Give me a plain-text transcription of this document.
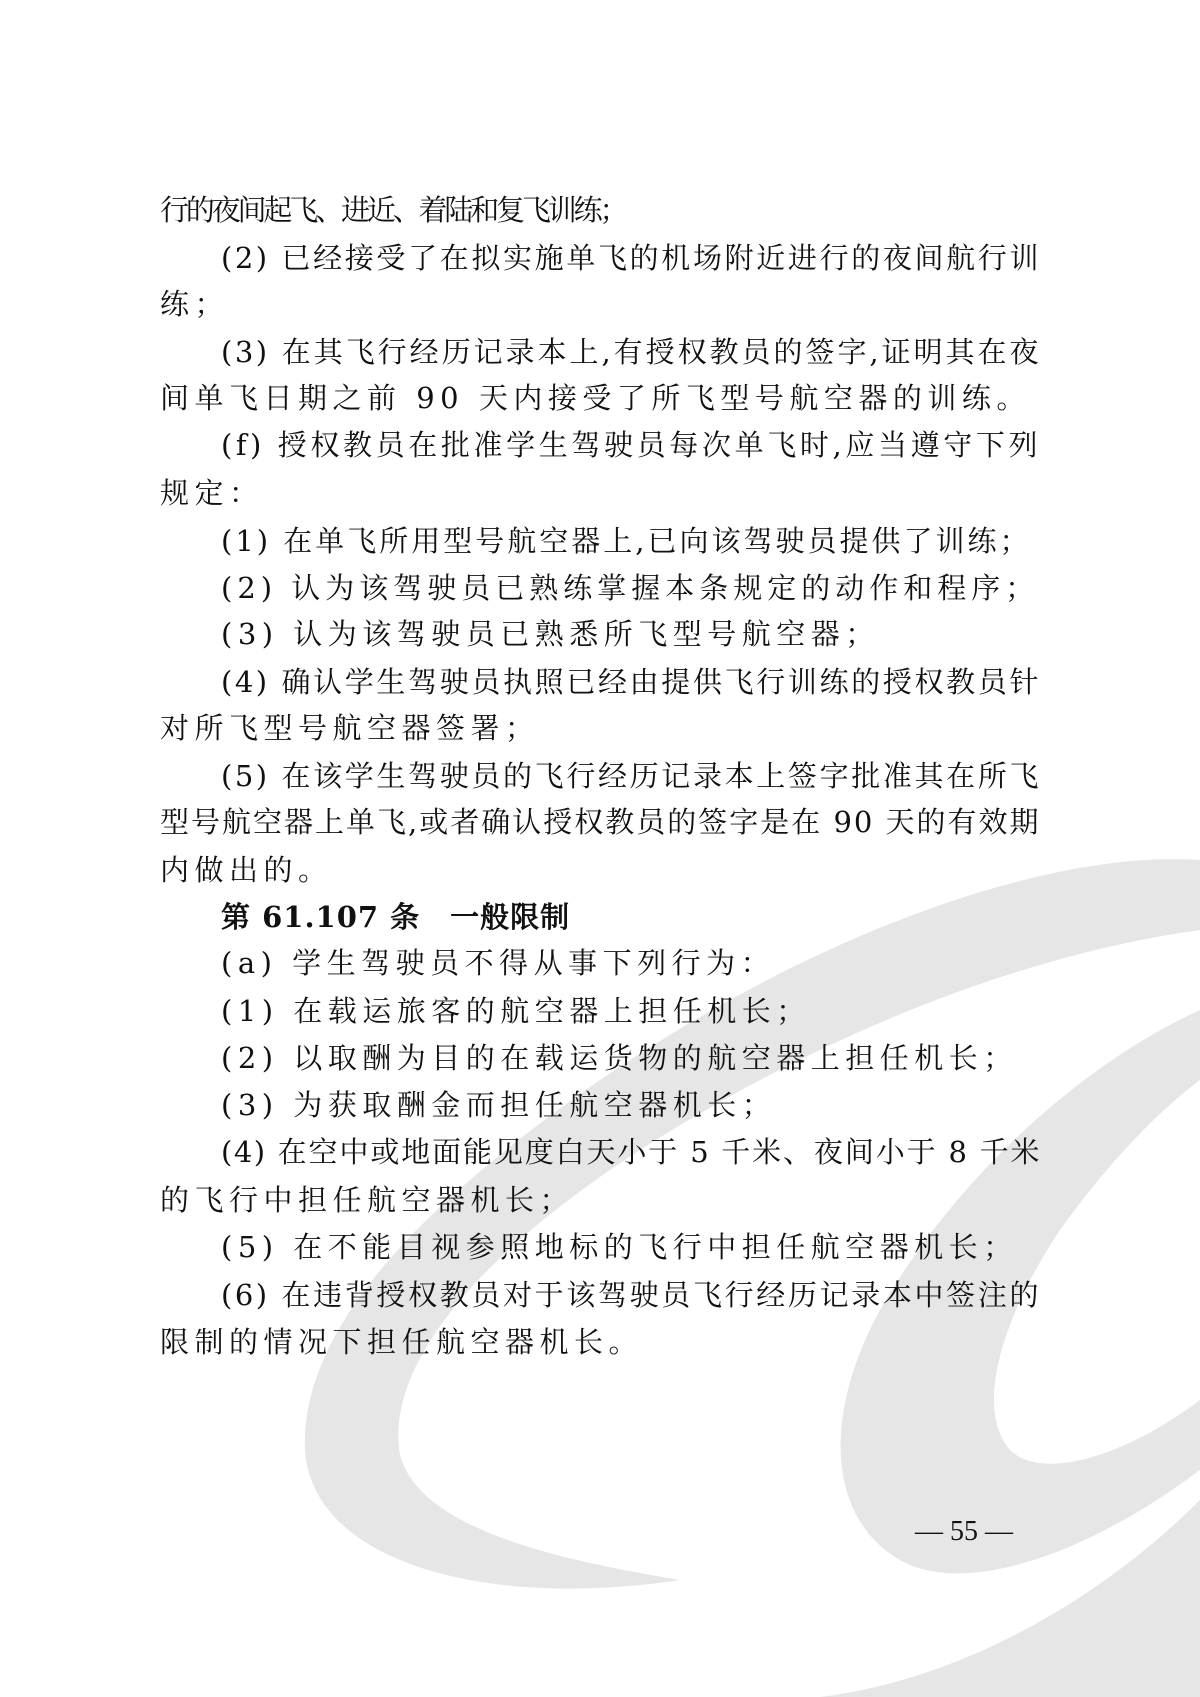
行的夜间起飞、进近、着陆和复飞训练；
(2) 已经接受了在拟实施单飞的机场附近进行的夜间航行训
练；
(3) 在其飞行经历记录本上,有授权教员的签字,证明其在夜
间单飞日期之前 90 天内接受了所飞型号航空器的训练。
(f) 授权教员在批准学生驾驶员每次单飞时,应当遵守下列
规定：
(1) 在单飞所用型号航空器上,已向该驾驶员提供了训练；
(2) 认为该驾驶员已熟练掌握本条规定的动作和程序；
(3) 认为该驾驶员已熟悉所飞型号航空器；
(4) 确认学生驾驶员执照已经由提供飞行训练的授权教员针
对所飞型号航空器签署；
(5) 在该学生驾驶员的飞行经历记录本上签字批准其在所飞
型号航空器上单飞,或者确认授权教员的签字是在 90 天的有效期
内做出的。
第 61.107 条　一般限制
(a) 学生驾驶员不得从事下列行为：
(1) 在载运旅客的航空器上担任机长；
(2) 以取酬为目的在载运货物的航空器上担任机长；
(3) 为获取酬金而担任航空器机长；
(4) 在空中或地面能见度白天小于 5 千米、夜间小于 8 千米
的飞行中担任航空器机长；
(5) 在不能目视参照地标的飞行中担任航空器机长；
(6) 在违背授权教员对于该驾驶员飞行经历记录本中签注的
限制的情况下担任航空器机长。
— 55 —
